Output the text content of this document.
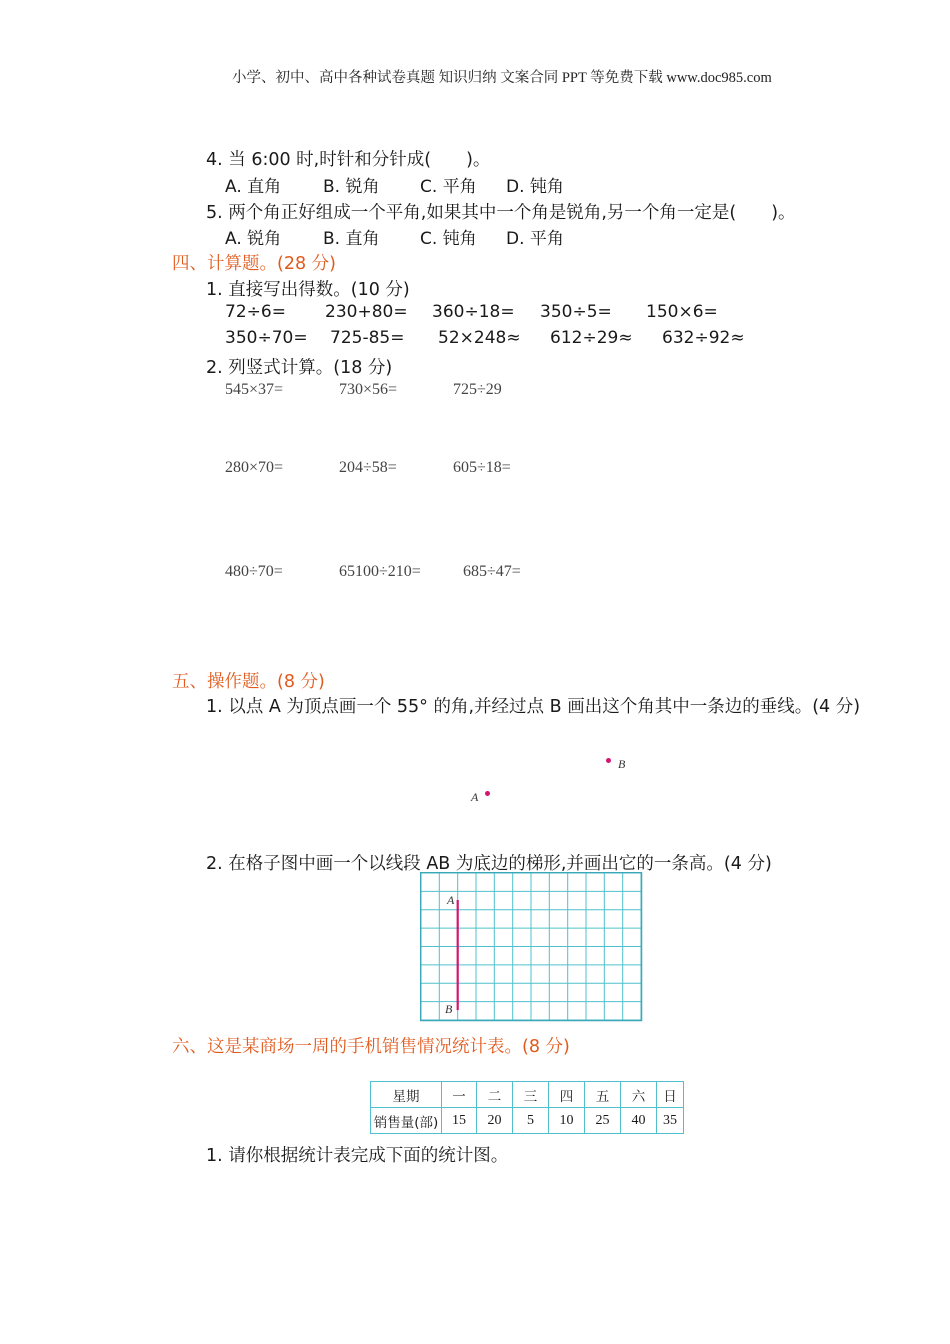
小学、初中、高中各种试卷真题 知识归纳 文案合同 PPT 等免费下载 www.doc985.com
4. 当 6:00 时,时针和分针成(　　)。
A. 直角 B. 锐角 C. 平角 D. 钝角
5. 两个角正好组成一个平角,如果其中一个角是锐角,另一个角一定是(　　)。
A. 锐角 B. 直角 C. 钝角 D. 平角
四、计算题。(28 分)
1. 直接写出得数。(10 分)
72÷6= 230+80= 360÷18= 350÷5= 150×6=
350÷70= 725-85= 52×248≈ 612÷29≈ 632÷92≈
2. 列竖式计算。(18 分)
545×37=	730×56=	725÷29
280×70=	204÷58=	605÷18=
480÷70=	65100÷210=	685÷47=
五、操作题。(8 分)
1. 以点 A 为顶点画一个 55° 的角,并经过点 B 画出这个角其中一条边的垂线。(4 分)
B
A
2. 在格子图中画一个以线段 AB 为底边的梯形,并画出它的一条高。(4 分)
A
B
六、这是某商场一周的手机销售情况统计表。(8 分)
星期	一	二	三	四	五	六	日
销售量(部)	15	20	5	10	25	40	35
1. 请你根据统计表完成下面的统计图。
